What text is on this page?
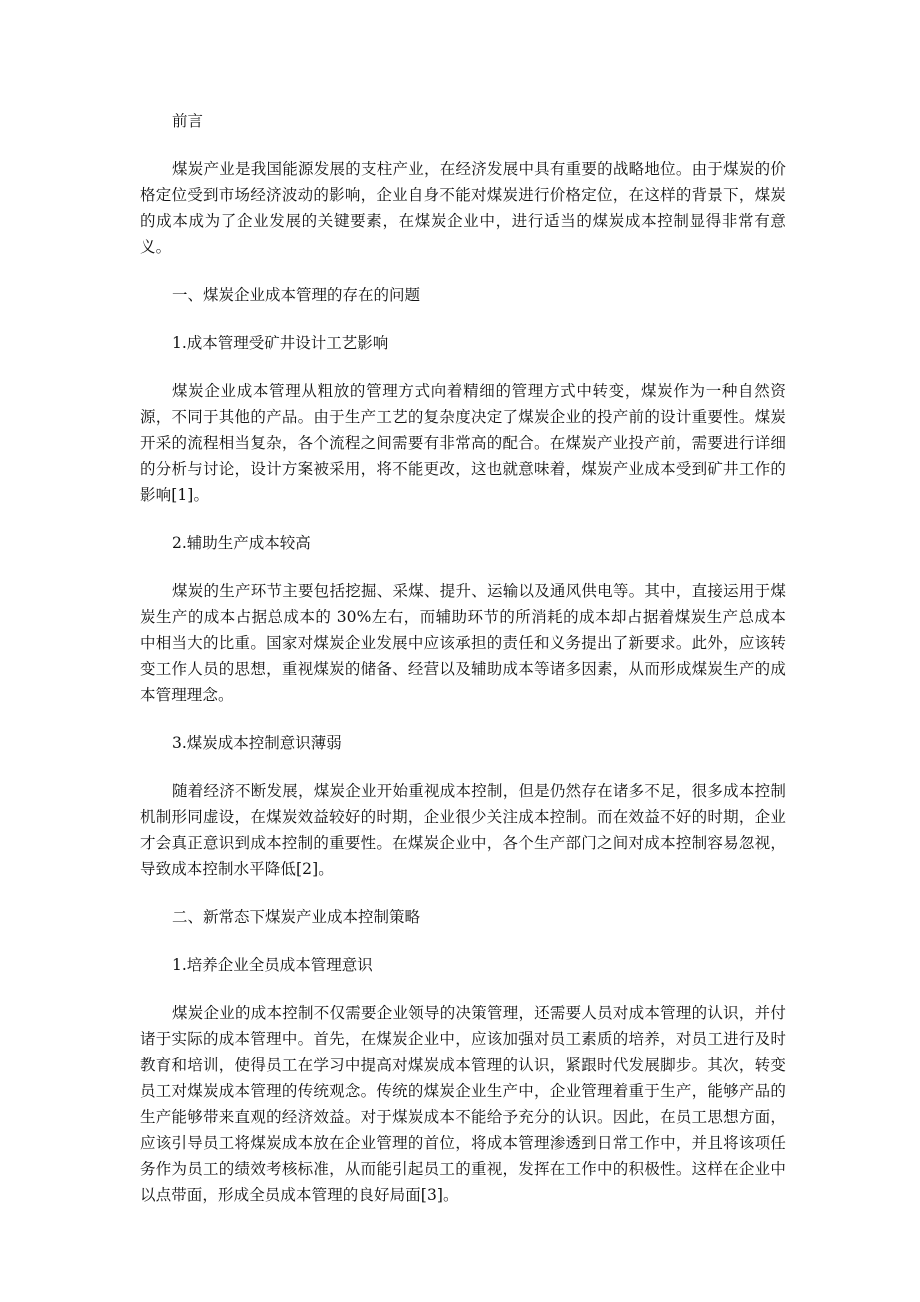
前言

煤炭产业是我国能源发展的支柱产业，在经济发展中具有重要的战略地位。由于煤炭的价格定位受到市场经济波动的影响，企业自身不能对煤炭进行价格定位，在这样的背景下，煤炭的成本成为了企业发展的关键要素，在煤炭企业中，进行适当的煤炭成本控制显得非常有意义。

一、煤炭企业成本管理的存在的问题

1.成本管理受矿井设计工艺影响

煤炭企业成本管理从粗放的管理方式向着精细的管理方式中转变，煤炭作为一种自然资源，不同于其他的产品。由于生产工艺的复杂度决定了煤炭企业的投产前的设计重要性。煤炭开采的流程相当复杂，各个流程之间需要有非常高的配合。在煤炭产业投产前，需要进行详细的分析与讨论，设计方案被采用，将不能更改，这也就意味着，煤炭产业成本受到矿井工作的影响[1]。

2.辅助生产成本较高

煤炭的生产环节主要包括挖掘、采煤、提升、运输以及通风供电等。其中，直接运用于煤炭生产的成本占据总成本的 30%左右，而辅助环节的所消耗的成本却占据着煤炭生产总成本中相当大的比重。国家对煤炭企业发展中应该承担的责任和义务提出了新要求。此外，应该转变工作人员的思想，重视煤炭的储备、经营以及辅助成本等诸多因素，从而形成煤炭生产的成本管理理念。

3.煤炭成本控制意识薄弱

随着经济不断发展，煤炭企业开始重视成本控制，但是仍然存在诸多不足，很多成本控制机制形同虚设，在煤炭效益较好的时期，企业很少关注成本控制。而在效益不好的时期，企业才会真正意识到成本控制的重要性。在煤炭企业中，各个生产部门之间对成本控制容易忽视，导致成本控制水平降低[2]。

二、新常态下煤炭产业成本控制策略

1.培养企业全员成本管理意识

煤炭企业的成本控制不仅需要企业领导的决策管理，还需要人员对成本管理的认识，并付诸于实际的成本管理中。首先，在煤炭企业中，应该加强对员工素质的培养，对员工进行及时教育和培训，使得员工在学习中提高对煤炭成本管理的认识，紧跟时代发展脚步。其次，转变员工对煤炭成本管理的传统观念。传统的煤炭企业生产中，企业管理着重于生产，能够产品的生产能够带来直观的经济效益。对于煤炭成本不能给予充分的认识。因此，在员工思想方面，应该引导员工将煤炭成本放在企业管理的首位，将成本管理渗透到日常工作中，并且将该项任务作为员工的绩效考核标准，从而能引起员工的重视，发挥在工作中的积极性。这样在企业中以点带面，形成全员成本管理的良好局面[3]。
